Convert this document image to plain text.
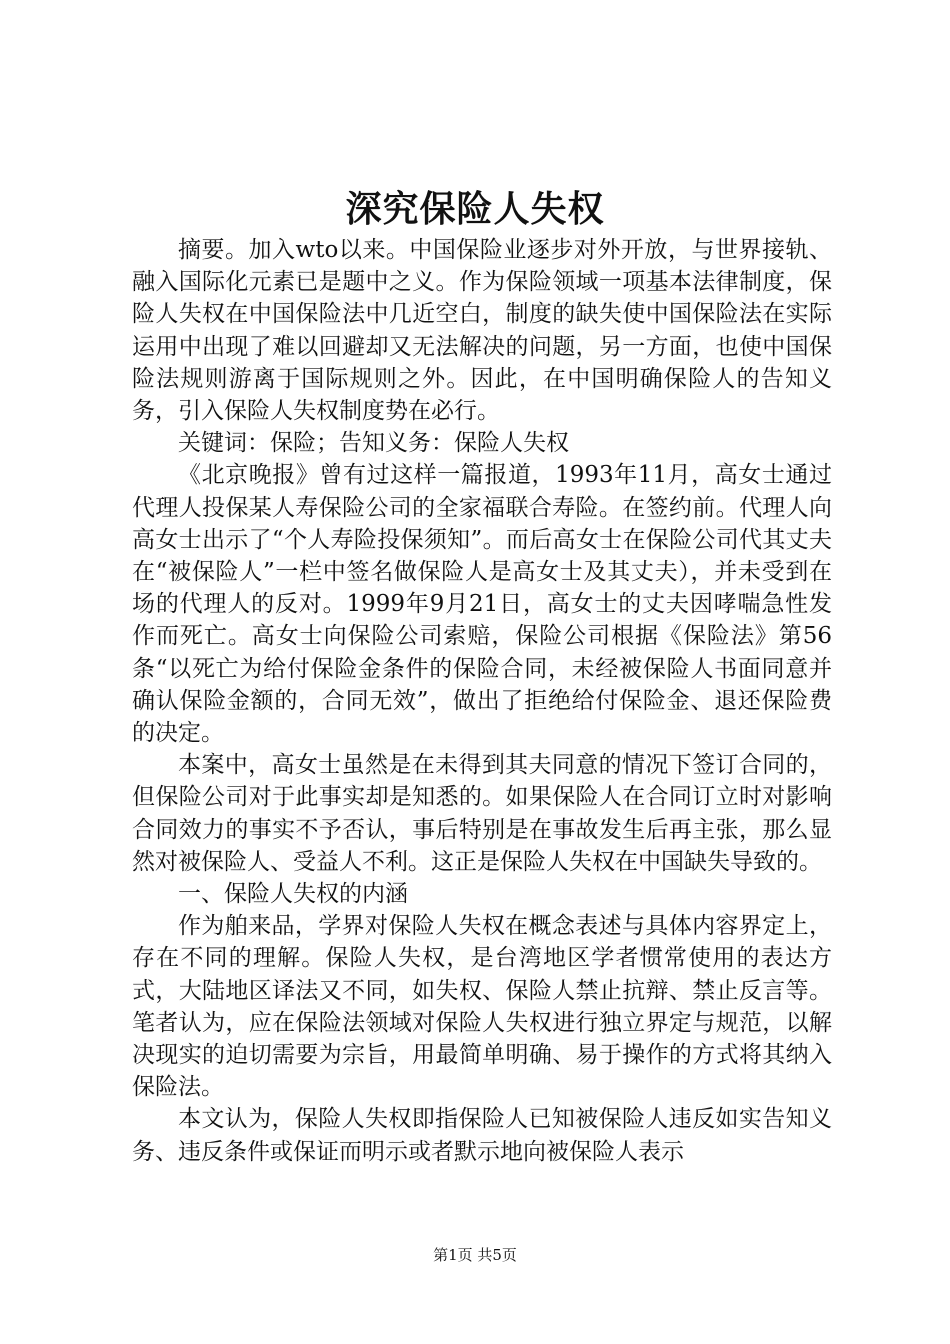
深究保险人失权

摘要。加入wto以来。中国保险业逐步对外开放，与世界接轨、融入国际化元素已是题中之义。作为保险领域一项基本法律制度，保险人失权在中国保险法中几近空白，制度的缺失使中国保险法在实际运用中出现了难以回避却又无法解决的问题，另一方面，也使中国保险法规则游离于国际规则之外。因此，在中国明确保险人的告知义务，引入保险人失权制度势在必行。

关键词：保险；告知义务：保险人失权

《北京晚报》曾有过这样一篇报道，1993年11月，高女士通过代理人投保某人寿保险公司的全家福联合寿险。在签约前。代理人向高女士出示了“个人寿险投保须知”。而后高女士在保险公司代其丈夫在“被保险人”一栏中签名做保险人是高女士及其丈夫），并未受到在场的代理人的反对。1999年9月21日，高女士的丈夫因哮喘急性发作而死亡。高女士向保险公司索赔，保险公司根据《保险法》第56条“以死亡为给付保险金条件的保险合同，未经被保险人书面同意并确认保险金额的，合同无效”，做出了拒绝给付保险金、退还保险费的决定。

本案中，高女士虽然是在未得到其夫同意的情况下签订合同的，但保险公司对于此事实却是知悉的。如果保险人在合同订立时对影响合同效力的事实不予否认，事后特别是在事故发生后再主张，那么显然对被保险人、受益人不利。这正是保险人失权在中国缺失导致的。

一、保险人失权的内涵

作为舶来品，学界对保险人失权在概念表述与具体内容界定上，存在不同的理解。保险人失权，是台湾地区学者惯常使用的表达方式，大陆地区译法又不同，如失权、保险人禁止抗辩、禁止反言等。笔者认为，应在保险法领域对保险人失权进行独立界定与规范，以解决现实的迫切需要为宗旨，用最简单明确、易于操作的方式将其纳入保险法。

本文认为，保险人失权即指保险人已知被保险人违反如实告知义务、违反条件或保证而明示或者默示地向被保险人表示

第1页 共5页
